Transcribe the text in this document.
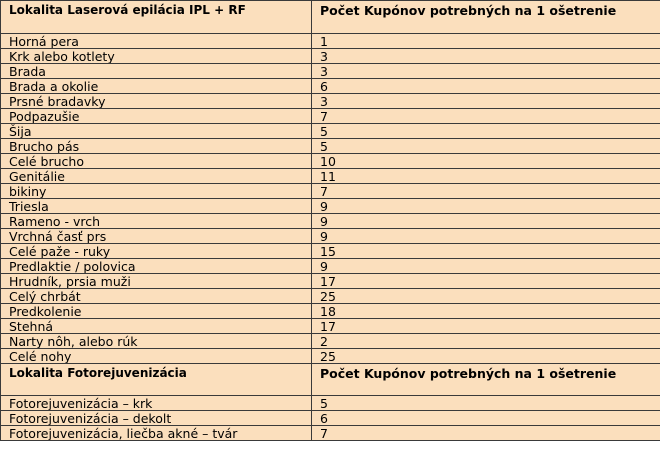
Lokalita Laserová epilácia IPL + RF	Počet Kupónov potrebných na 1 ošetrenie
Horná pera	1
Krk alebo kotlety	3
Brada	3
Brada a okolie	6
Prsné bradavky	3
Podpazušie	7
Šija	5
Brucho pás	5
Celé brucho	10
Genitálie	11
bikiny	7
Triesla	9
Rameno - vrch	9
Vrchná časť prs	9
Celé paže - ruky	15
Predlaktie / polovica	9
Hrudník, prsia muži	17
Celý chrbát	25
Predkolenie	18
Stehná	17
Narty nôh, alebo rúk	2
Celé nohy	25
Lokalita Fotorejuvenizácia	Počet Kupónov potrebných na 1 ošetrenie
Fotorejuvenizácia – krk	5
Fotorejuvenizácia – dekolt	6
Fotorejuvenizácia, liečba akné – tvár	7
